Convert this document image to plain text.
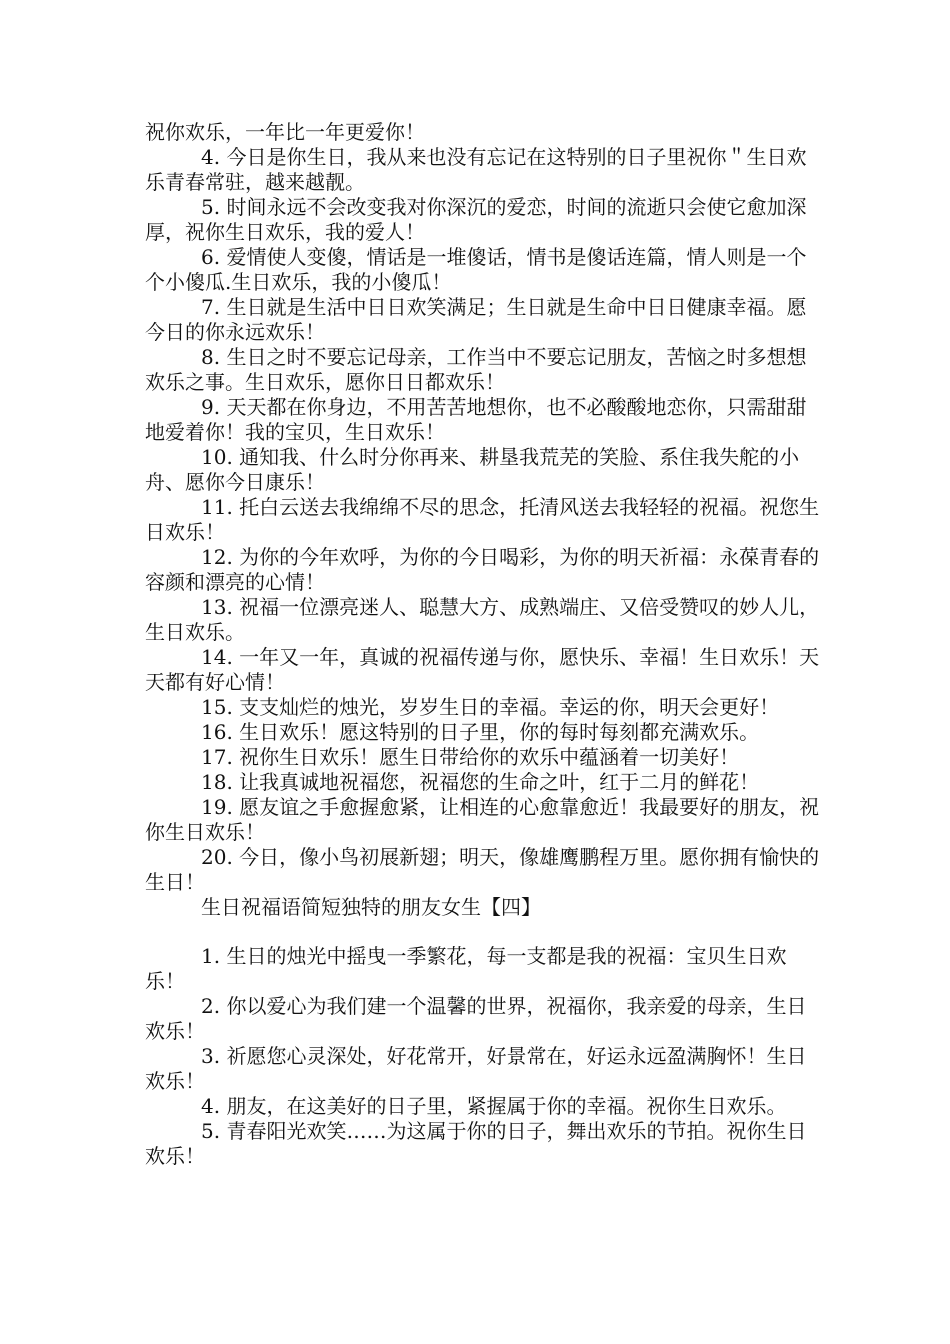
祝你欢乐，一年比一年更爱你！

4. 今日是你生日，我从来也没有忘记在这特别的日子里祝你＂生日欢乐青春常驻，越来越靓。

5. 时间永远不会改变我对你深沉的爱恋，时间的流逝只会使它愈加深厚，祝你生日欢乐，我的爱人！

6. 爱情使人变傻，情话是一堆傻话，情书是傻话连篇，情人则是一个个小傻瓜.生日欢乐，我的小傻瓜！

7. 生日就是生活中日日欢笑满足；生日就是生命中日日健康幸福。愿今日的你永远欢乐！

8. 生日之时不要忘记母亲，工作当中不要忘记朋友，苦恼之时多想想欢乐之事。生日欢乐，愿你日日都欢乐！

9. 天天都在你身边，不用苦苦地想你，也不必酸酸地恋你，只需甜甜地爱着你！我的宝贝，生日欢乐！

10. 通知我、什么时分你再来、耕垦我荒芜的笑脸、系住我失舵的小舟、愿你今日康乐！

11. 托白云送去我绵绵不尽的思念，托清风送去我轻轻的祝福。祝您生日欢乐！

12. 为你的今年欢呼，为你的今日喝彩，为你的明天祈福：永葆青春的容颜和漂亮的心情！

13. 祝福一位漂亮迷人、聪慧大方、成熟端庄、又倍受赞叹的妙人儿，生日欢乐。

14. 一年又一年，真诚的祝福传递与你，愿快乐、幸福！生日欢乐！天天都有好心情！

15. 支支灿烂的烛光，岁岁生日的幸福。幸运的你，明天会更好！

16. 生日欢乐！愿这特别的日子里，你的每时每刻都充满欢乐。

17. 祝你生日欢乐！愿生日带给你的欢乐中蕴涵着一切美好！

18. 让我真诚地祝福您，祝福您的生命之叶，红于二月的鲜花！

19. 愿友谊之手愈握愈紧，让相连的心愈靠愈近！我最要好的朋友，祝你生日欢乐！

20. 今日，像小鸟初展新翅；明天，像雄鹰鹏程万里。愿你拥有愉快的生日！

生日祝福语简短独特的朋友女生【四】

1. 生日的烛光中摇曳一季繁花，每一支都是我的祝福：宝贝生日欢乐！

2. 你以爱心为我们建一个温馨的世界，祝福你，我亲爱的母亲，生日欢乐！

3. 祈愿您心灵深处，好花常开，好景常在，好运永远盈满胸怀！生日欢乐！

4. 朋友，在这美好的日子里，紧握属于你的幸福。祝你生日欢乐。

5. 青春阳光欢笑……为这属于你的日子，舞出欢乐的节拍。祝你生日欢乐！
